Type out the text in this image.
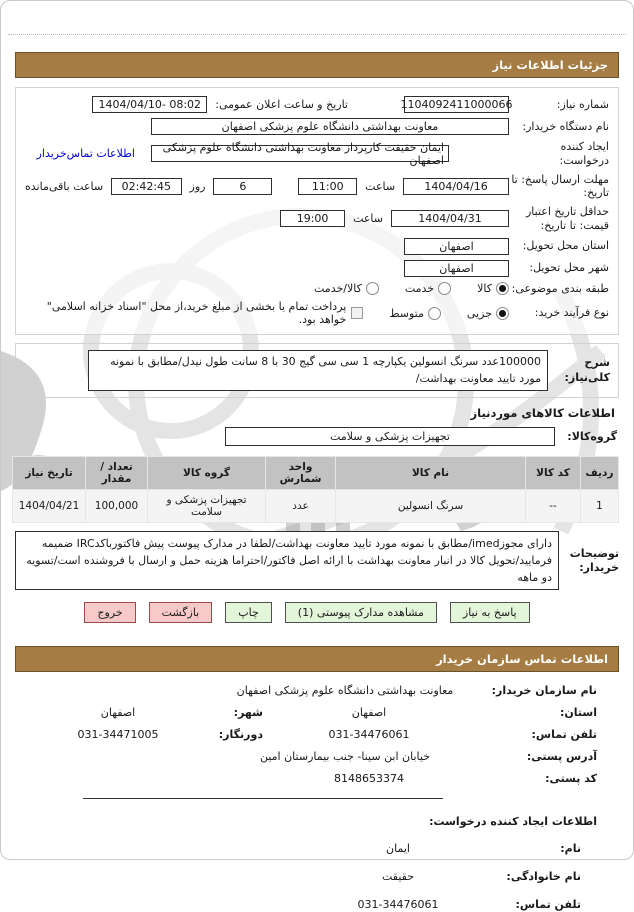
جزئیات اطلاعات نیاز
شماره نیاز:
1104092411000066
تاریخ و ساعت اعلان عمومی:
1404/04/10- 08:02
نام دستگاه خریدار:
معاونت بهداشتی دانشگاه علوم پزشکی اصفهان
ایجاد کننده درخواست:
ایمان حقیقت کارپرداز معاونت بهداشتی دانشگاه علوم پزشکی اصفهان
اطلاعات تماس‌خریدار
مهلت ارسال پاسخ: تا تاریخ:
1404/04/16
ساعت
11:00
6
روز
02:42:45
ساعت باقی‌مانده
حداقل تاریخ اعتبار قیمت: تا تاریخ:
1404/04/31
ساعت
19:00
استان محل تحویل:
اصفهان
شهر محل تحویل:
اصفهان
طبقه بندی موضوعی:
کالا
خدمت
کالا/خدمت
نوع فرآیند خرید:
جزیی
متوسط
پرداخت تمام یا بخشی از مبلغ خرید،از محل "اسناد خزانه اسلامی" خواهد بود.
شرح کلی‌نیاز:
100000عدد سرنگ انسولین یکپارچه 1 سی سی گیج 30 با 8 سانت طول نیدل/مطابق با نمونه مورد تایید معاونت بهداشت/
اطلاعات کالاهای موردنیاز
گروه‌کالا:
تجهیزات پزشکی و سلامت
ردیف	کد کالا	نام کالا	واحد شمارش	گروه کالا	تعداد / مقدار	تاریخ نیاز
1	--	سرنگ انسولین	عدد	تجهیزات پزشکی و سلامت	100,000	1404/04/21
توضیحات خریدار:
دارای مجوزimed/مطابق با نمونه مورد تایید معاونت بهداشت/لطفا در مدارک پیوست پیش فاکتورباکدIRC ضمیمه فرمایید/تحویل کالا در انبار معاونت بهداشت با ارائه اصل فاکتور/احتراما هزینه حمل و ارسال با فروشنده است/تسویه دو ماهه
پاسخ به نیاز
مشاهده مدارک پیوستی (1)
چاپ
بازگشت
خروج
اطلاعات تماس سازمان خریدار
نام سازمان خریدار:
معاونت بهداشتی دانشگاه علوم پزشکی اصفهان
استان:
اصفهان
شهر:
اصفهان
تلفن تماس:
031-34476061
دورنگار:
031-34471005
آدرس پستی:
خیابان ابن سینا- جنب بیمارستان امین
کد پستی:
8148653374
اطلاعات ایجاد کننده درخواست:
نام:
ایمان
نام خانوادگی:
حقیقت
تلفن تماس:
031-34476061
